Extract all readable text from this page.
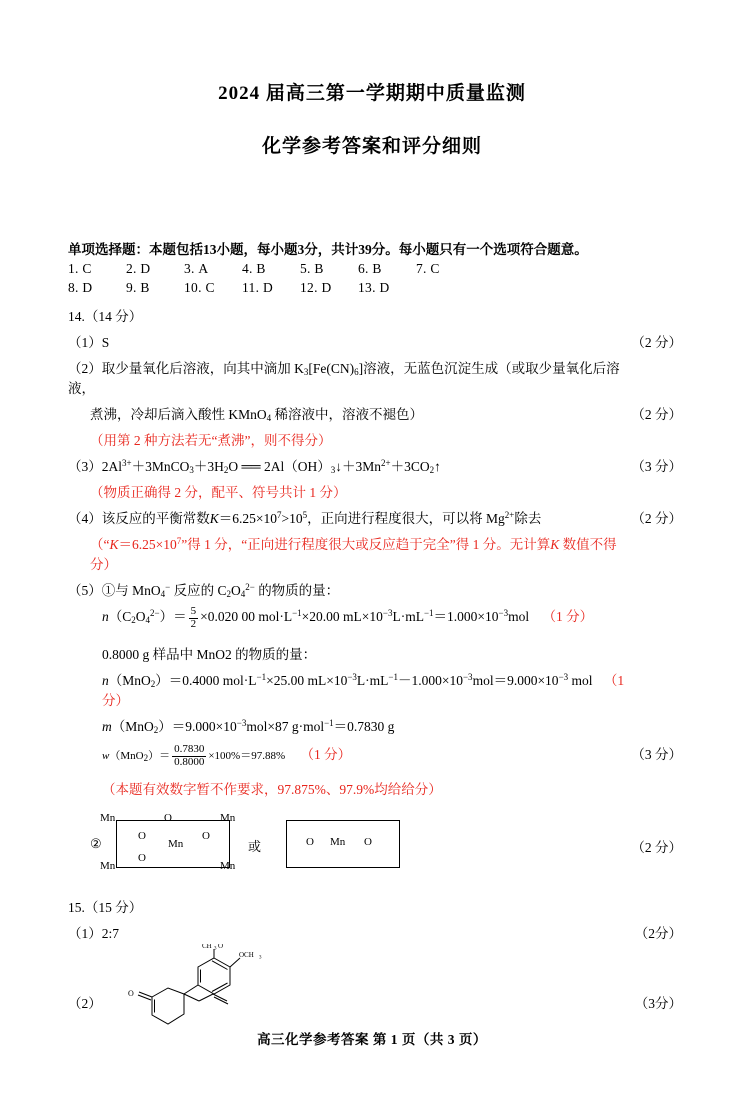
2024 届高三第一学期期中质量监测
化学参考答案和评分细则
单项选择题：本题包括13小题，每小题3分，共计39分。每小题只有一个选项符合题意。
1. C	2. D 3. A 4. B	5. B	6. B	7. C
8. D 9. B	10. C 11. D 12. D 13. D
14.（14 分）
（1）S	（2 分）
（2）取少量氧化后溶液，向其中滴加 $K_3[Fe(CN)_6]$溶液，无蓝色沉淀生成（或取少量氧化后溶液，
煮沸，冷却后滴入酸性 KMnO$_4$ 稀溶液中，溶液不褪色）	（2 分）
（用第 2 种方法若无“煮沸”，则不得分）
$(3)2Al^{3+}+3MnCO_3+3H_2O$ ══ $2Al(OH)_3↓+3Mn^{2+}+3CO_2↑$	（3 分）
（物质正确得 2 分，配平、符号共计 1 分）
（4）该反应的平衡常数$K=6.25\times 10^7>10^5$，正向进行程度很大，可以将 $Mg^{2+}$除去	（2 分）
（“$K=6.25\times 10^7$”得 1 分，“正向进行程度很大或反应趋于完全”得 1 分。无计算K 数值不得分）
（5）①与 MnO$_4$− 反应的 $C_2O_4^{2-}$ 的物质的量：
$n(C_2O_4^{2-})= \frac{5}{2} \times 0.020$ 00 $mol\cdot L^{-1}\times 20.00$ $mL\times 10^{-3}L\cdot mL^{-1}=1.000\times 10^{-3}mol$ （1 分）
0.8000 g 样品中 MnO2 的物质的量：
n（MnO$_2$）＝0.4000 $mol\cdot L^{-1}\times 25.00$ $mL\times 10^{-3}L\cdot mL^{-1}-1.000\times 10^{-3}mol=9.000\times 10^{-3}$ mol （1 分）
$m(MnO_2)=9.000\times 10^{-3}mol\times 87$ g·mol$^{-1}$＝0.7830 g
$w(MnO_2)= \frac{0.7830}{0.8000} \times 100\%=97.88\%$ （1 分）	（3 分）
（本题有效数字暂不作要求，97.875%、97.9%均给给分）
②
Mn	O	Mn
O
Mn
O
Mn
O
Mn
或	O Mn O	（2 分）
15.（15 分）
（1）2:7	（2分）
（2）	（3分）
CH 3 O
OCH 3
O
高三化学参考答案 第 1 页（共 3 页）
